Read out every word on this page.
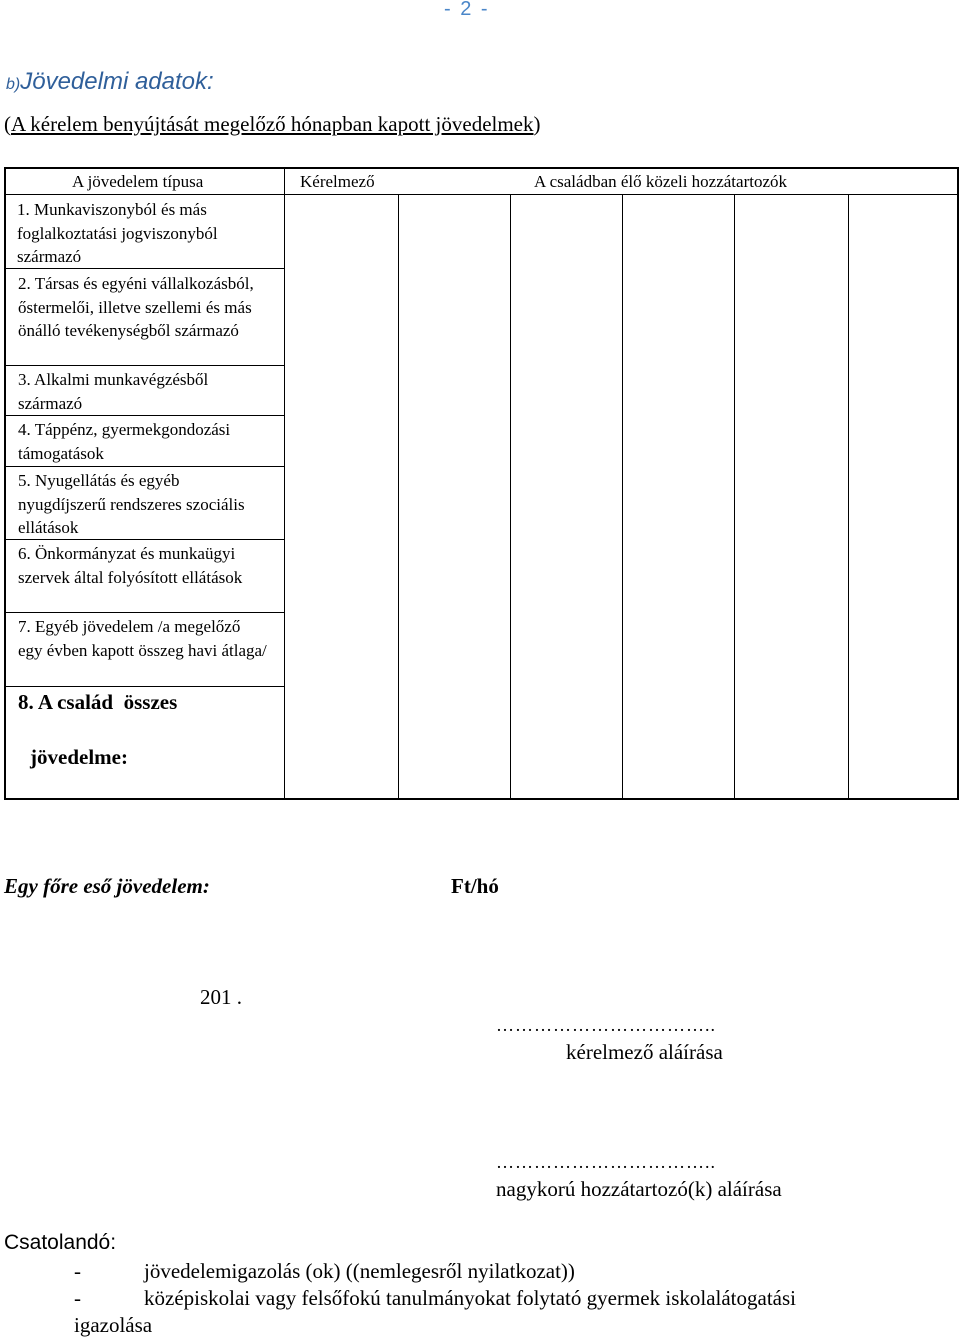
- 2 -
b)Jövedelmi adatok:
(A kérelem benyújtását megelőző hónapban kapott jövedelmek)
A jövedelem típusa	Kérelmező	A családban élő közeli hozzátartozók
1. Munkaviszonyból és más foglalkoztatási jogviszonyból származó
2. Társas és egyéni vállalkozásból, őstermelői, illetve szellemi és más önálló tevékenységből származó
3. Alkalmi munkavégzésből származó
4. Táppénz, gyermekgondozási támogatások
5. Nyugellátás és egyéb nyugdíjszerű rendszeres szociális ellátások
6. Önkormányzat és munkaügyi szervek által folyósított ellátások
7. Egyéb jövedelem /a megelőző egy évben kapott összeg havi átlaga/
8. A család  összes
jövedelme:
Egy főre eső jövedelem:	Ft/hó
201 .
……………………………..
kérelmező aláírása
……………………………..
nagykorú hozzátartozó(k) aláírása
Csatolandó:
-	jövedelemigazolás (ok) ((nemlegesről nyilatkozat))
-	középiskolai vagy felsőfokú tanulmányokat folytató gyermek iskolalátogatási
igazolása
